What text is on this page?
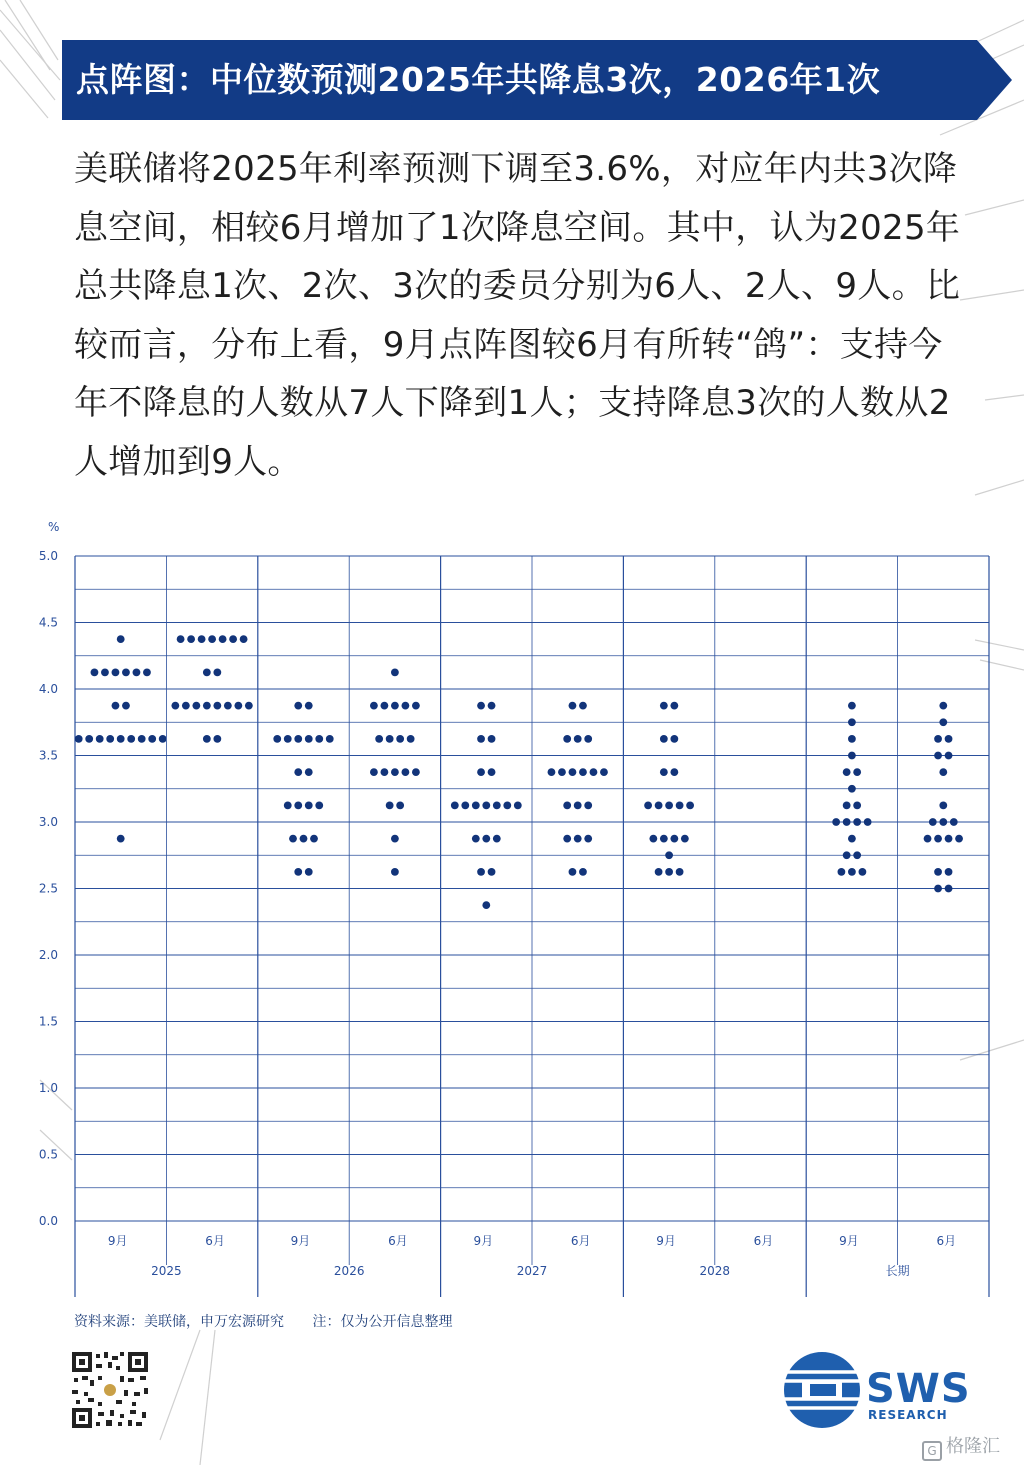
点阵图：中位数预测2025年共降息3次，2026年1次
美联储将2025年利率预测下调至3.6%，对应年内共3次降息空间，相较6月增加了1次降息空间。其中，认为2025年总共降息1次、2次、3次的委员分别为6人、2人、9人。比较而言，分布上看，9月点阵图较6月有所转“鸽”：支持今年不降息的人数从7人下降到1人；支持降息3次的人数从2人增加到9人。
%
0.0
0.5
1.0
1.5
2.0
2.5
3.0
3.5
4.0
4.5
5.0
9月	6月
2025
9月	6月
2026
9月	6月
2027
9月	6月
2028
9月	6月
长期
资料来源：美联储，申万宏源研究 注：仅为公开信息整理
SWS
RESEARCH
G 格隆汇
